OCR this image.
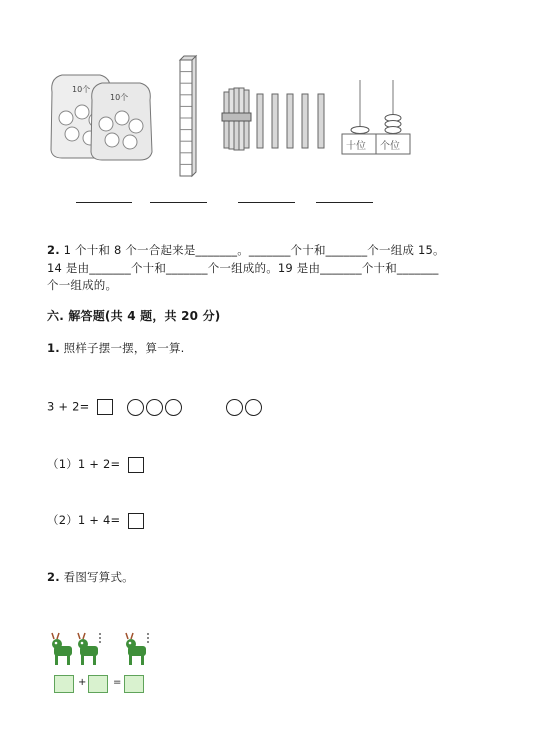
10个
10个
十位 个位
2. 1 个十和 8 个一合起来是_______。_______个十和_______个一组成 15。
14 是由_______个十和_______个一组成的。19 是由_______个十和_______
个一组成的。
六. 解答题(共 4 题，共 20 分)
1. 照样子摆一摆，算一算.
3 + 2=

（1）1 + 2=
（2）1 + 4=
2. 看图写算式。
+	=
